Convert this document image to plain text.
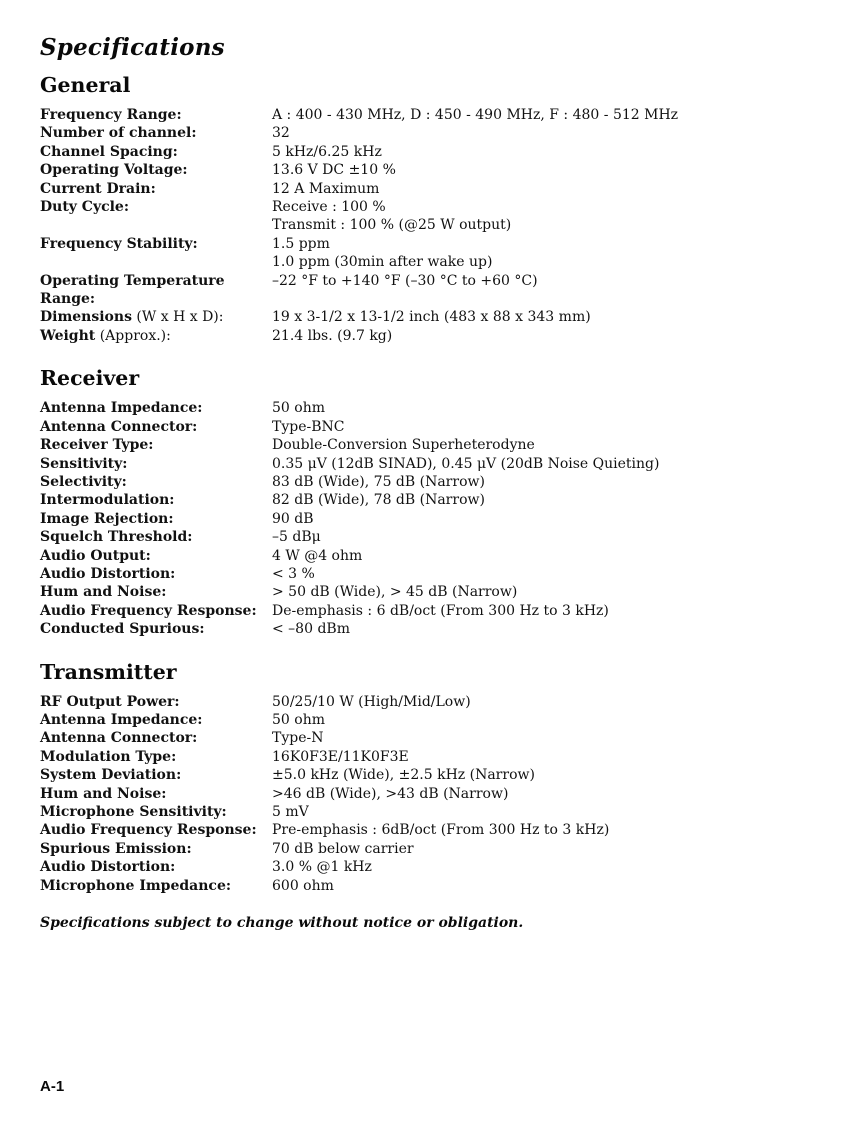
Specifications
General
Frequency Range:	A : 400 - 430 MHz, D : 450 - 490 MHz, F : 480 - 512 MHz
Number of channel:	32
Channel Spacing:	5 kHz/6.25 kHz
Operating Voltage:	13.6 V DC ±10 %
Current Drain:	12 A Maximum
Duty Cycle:	Receive : 100 %
Transmit : 100 % (@25 W output)
Frequency Stability:	1.5 ppm
1.0 ppm (30min after wake up)
Operating Temperature Range:
–22 °F to +140 °F (–30 °C to +60 °C)
Dimensions (W x H x D):	19 x 3-1/2 x 13-1/2 inch (483 x 88 x 343 mm)
Weight (Approx.):	21.4 lbs. (9.7 kg)
Receiver
Antenna Impedance:	50 ohm
Antenna Connector:	Type-BNC
Receiver Type:	Double-Conversion Superheterodyne
Sensitivity:	0.35 μV (12dB SINAD), 0.45 μV (20dB Noise Quieting)
Selectivity:	83 dB (Wide), 75 dB (Narrow)
Intermodulation:	82 dB (Wide), 78 dB (Narrow)
Image Rejection:	90 dB
Squelch Threshold:	–5 dBμ
Audio Output:	4 W @4 ohm
Audio Distortion:	< 3 %
Hum and Noise:	> 50 dB (Wide), > 45 dB (Narrow)
Audio Frequency Response:	De-emphasis : 6 dB/oct (From 300 Hz to 3 kHz)
Conducted Spurious:	< –80 dBm
Transmitter
RF Output Power:	50/25/10 W (High/Mid/Low)
Antenna Impedance:	50 ohm
Antenna Connector:	Type-N
Modulation Type:	16K0F3E/11K0F3E
System Deviation:	±5.0 kHz (Wide), ±2.5 kHz (Narrow)
Hum and Noise:	>46 dB (Wide), >43 dB (Narrow)
Microphone Sensitivity:	5 mV
Audio Frequency Response:	Pre-emphasis : 6dB/oct (From 300 Hz to 3 kHz)
Spurious Emission:	70 dB below carrier
Audio Distortion:	3.0 % @1 kHz
Microphone Impedance:	600 ohm

Specifications subject to change without notice or obligation.

A-1
